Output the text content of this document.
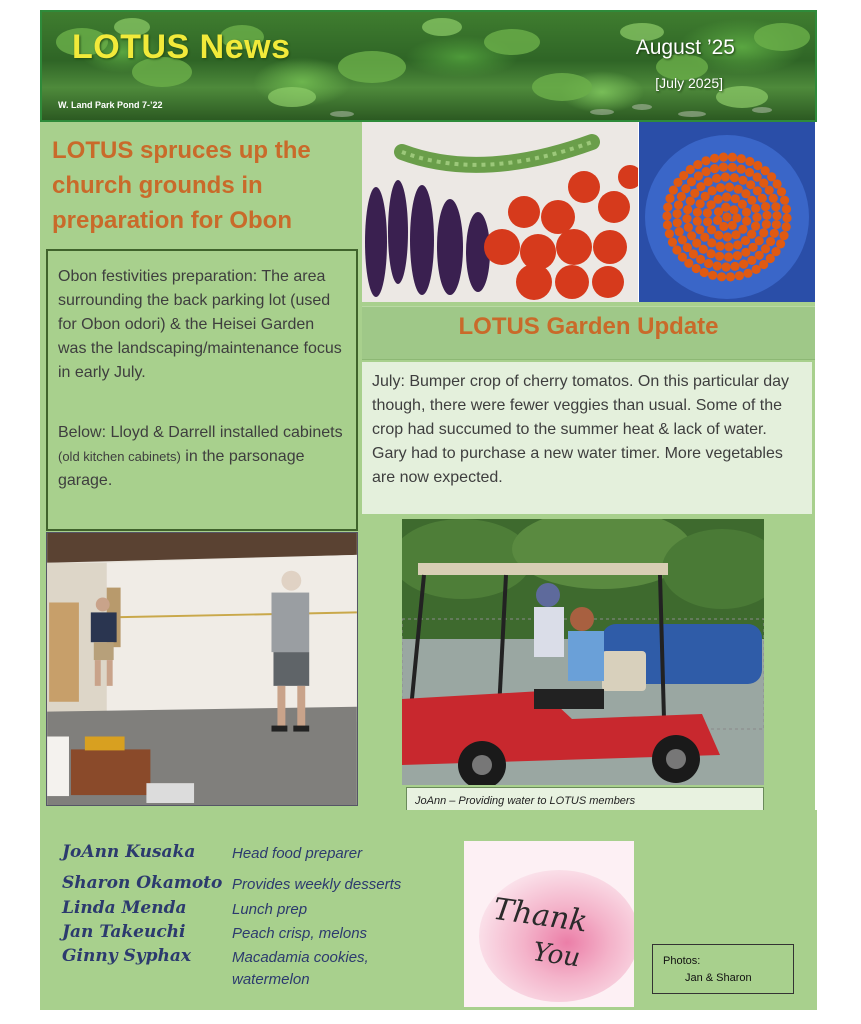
LOTUS News	August ’25
[July 2025]
W. Land Park Pond 7-’22
LOTUS spruces up the church grounds in preparation for Obon
Obon festivities preparation: The area surrounding the back parking lot (used for Obon odori) & the Heisei Garden was the landscaping/maintenance focus in early July.
Below: Lloyd & Darrell installed cabinets (old kitchen cabinets) in the parsonage garage.
LOTUS Garden Update
July: Bumper crop of cherry tomatos. On this particular day though, there were fewer veggies than usual. Some of the crop had succumed to the summer heat & lack of water. Gary had to purchase a new water timer. More vegetables are now expected.
JoAnn – Providing water to LOTUS members
JoAnn Kusaka Head food preparer
Sharon Okamoto Provides weekly desserts
Linda Menda	Lunch prep
Jan Takeuchi	Peach crisp, melons
Ginny Syphax	Macadamia cookies, watermelon
Thank
You	Photos:
Jan & Sharon
